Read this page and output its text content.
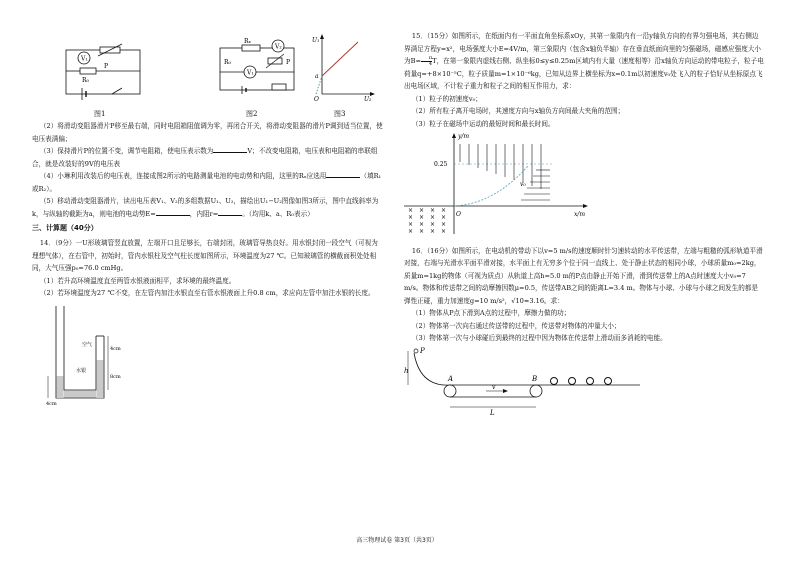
V₁
R₀
P
V₂
V₁
Rₓ
R₀	P
U₁
U₂
O
a
图1	图2	图3

（2）将滑动变阻器滑片P移至最右端，同时电阻箱阻值调为零，再闭合开关，将滑动变阻器的滑片P调到适当位置，使电压表满偏；

（3）保持滑片P的位置不变，调节电阻箱，使电压表示数为	V；不改变电阻箱，电压表和电阻箱的串联组合，就是改装好的9V的电压表

（4）小琳利用改装后的电压表，连接成图2所示的电路测量电池的电动势和内阻，这里的Rₓ应选用	（填R₁或R₂）。

（5）移动滑动变阻器滑片，读出电压表V₁、V₂的多组数据U₁、U₂，描绘出U₁−U₂图像如图3所示，图中直线斜率为k，与纵轴的截距为a，则电池的电动势E=	，内阻r=	。（均用k、a、R₀表示）

三、计算题（40分）

14．（9分）一U形玻璃管竖直放置，左端开口且足够长，右端封闭，玻璃管导热良好。用水银封闭一段空气（可视为理想气体），在右管中，初始时，管内水银柱及空气柱长度如图所示，环境温度为27 ℃。已知玻璃管的横截面积处处相同，大气压强p₀=76.0 cmHg。

（1）若升高环境温度直至两管水银液面相平，求环境的最终温度。

（2）若环境温度为27 ℃不变，在左管内加注水银直至右管水银液面上升0.8 cm，求应向左管中加注水银的长度。

空气
4cm
8cm
水银
4cm

15．（15分）如图所示，在纸面内有一平面直角坐标系xOy，其第一象限内有一沿y轴负方向的有界匀强电场，其右侧边界满足方程y=x²，电场强度大小E=4V/m，第三象限内（包含x轴负半轴）存在垂直纸面向里的匀强磁场，磁感应强度大小为$B= \frac{\pi}{4}$ T，在第一象限内虚线右侧、纵坐标0≤y≤0.25m区域内有大量（速度相等）沿x轴负方向运动的带电粒子，粒子电荷量q=+8×10⁻⁵C，粒子质量m=1×10⁻⁶kg，已知从边界上横坐标为x=0.1m以初速度v₀处飞入的粒子恰好从坐标原点飞出电场区域，不计粒子重力和粒子之间的相互作用力，求：

（1）粒子的初速度v₀；

（2）所有粒子离开电场时，其速度方向与x轴负方向间最大夹角的范围；

（3）粒子在磁场中运动的最短时间和最长时间。

× × × ×
× × × ×
× × × ×
× × × ×
y/m
x/m
0.25
O
v₀

16．（16分）如图所示，在电动机的带动下以v=5 m/s的速度顺时针匀速转动的水平传送带，左端与粗糙的弧形轨道平滑对接，右端与光滑水平面平滑对接，水平面上有无穷多个位于同一直线上、处于静止状态的相同小球，小球质量m₀=2kg，质量m=1kg的物体（可视为质点）从轨道上高h=5.0 m的P点由静止开始下滑，滑到传送带上的A点时速度大小v₀=7 m/s。物体和传送带之间的动摩擦因数μ=0.5，传送带AB之间的距离L=3.4 m。物体与小球、小球与小球之间发生的都是弹性正碰，重力加速度g=10 m/s²，√10≈3.16。求：

（1）物体从P点下滑到A点的过程中，摩擦力做的功；

（2）物体第一次向右通过传送带的过程中，传送带对物体的冲量大小；

（3）物体第一次与小球碰后到最终的过程中因为物体在传送带上滑动而多消耗的电能。

h
P
A	B
v
L
高三物理试卷 第3页（共3页）
